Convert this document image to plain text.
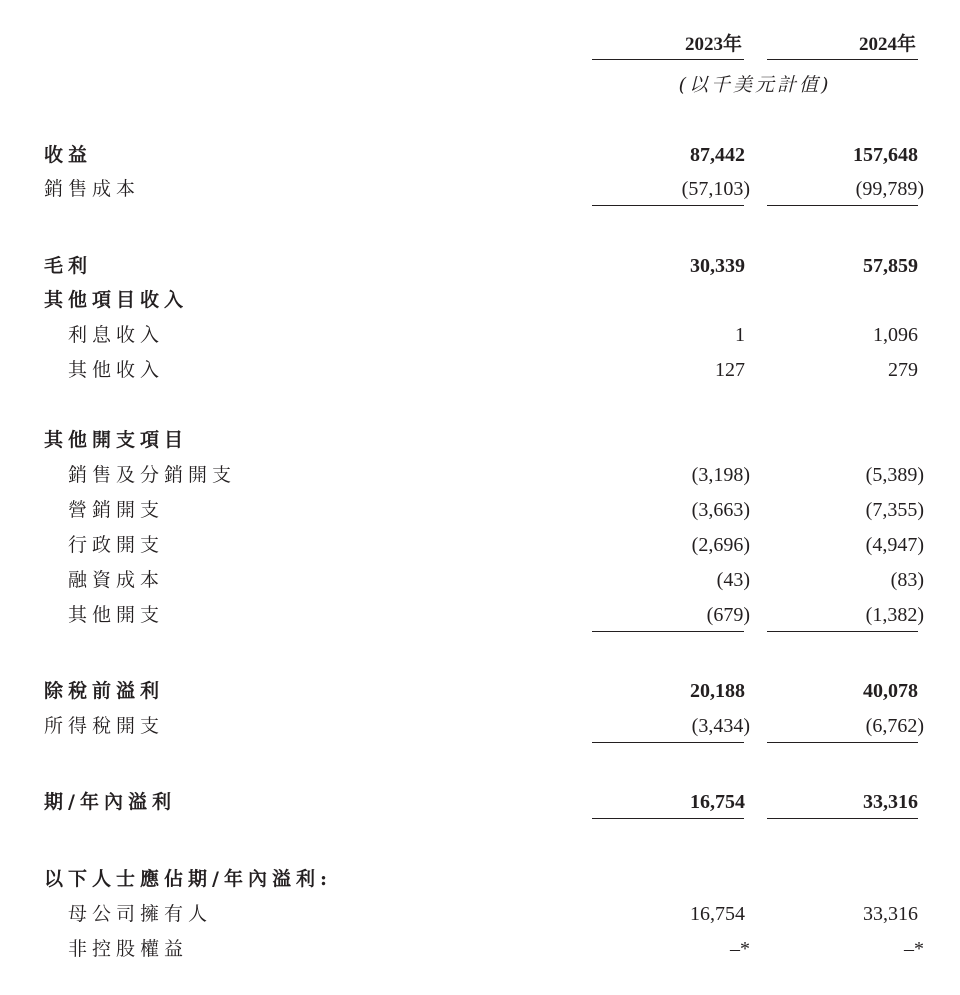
2023年	2024年
(以千美元計值)
收益	87,442	157,648
銷售成本	(57,103)	(99,789)
毛利	30,339	57,859
其他項目收入
利息收入	1	1,096
其他收入	127	279
其他開支項目
銷售及分銷開支	(3,198)	(5,389)
營銷開支	(3,663)	(7,355)
行政開支	(2,696)	(4,947)
融資成本	(43)	(83)
其他開支	(679)	(1,382)
除稅前溢利	20,188	40,078
所得稅開支	(3,434)	(6,762)
期/年內溢利	16,754	33,316
以下人士應佔期/年內溢利:
母公司擁有人	16,754	33,316
非控股權益	–*	–*
